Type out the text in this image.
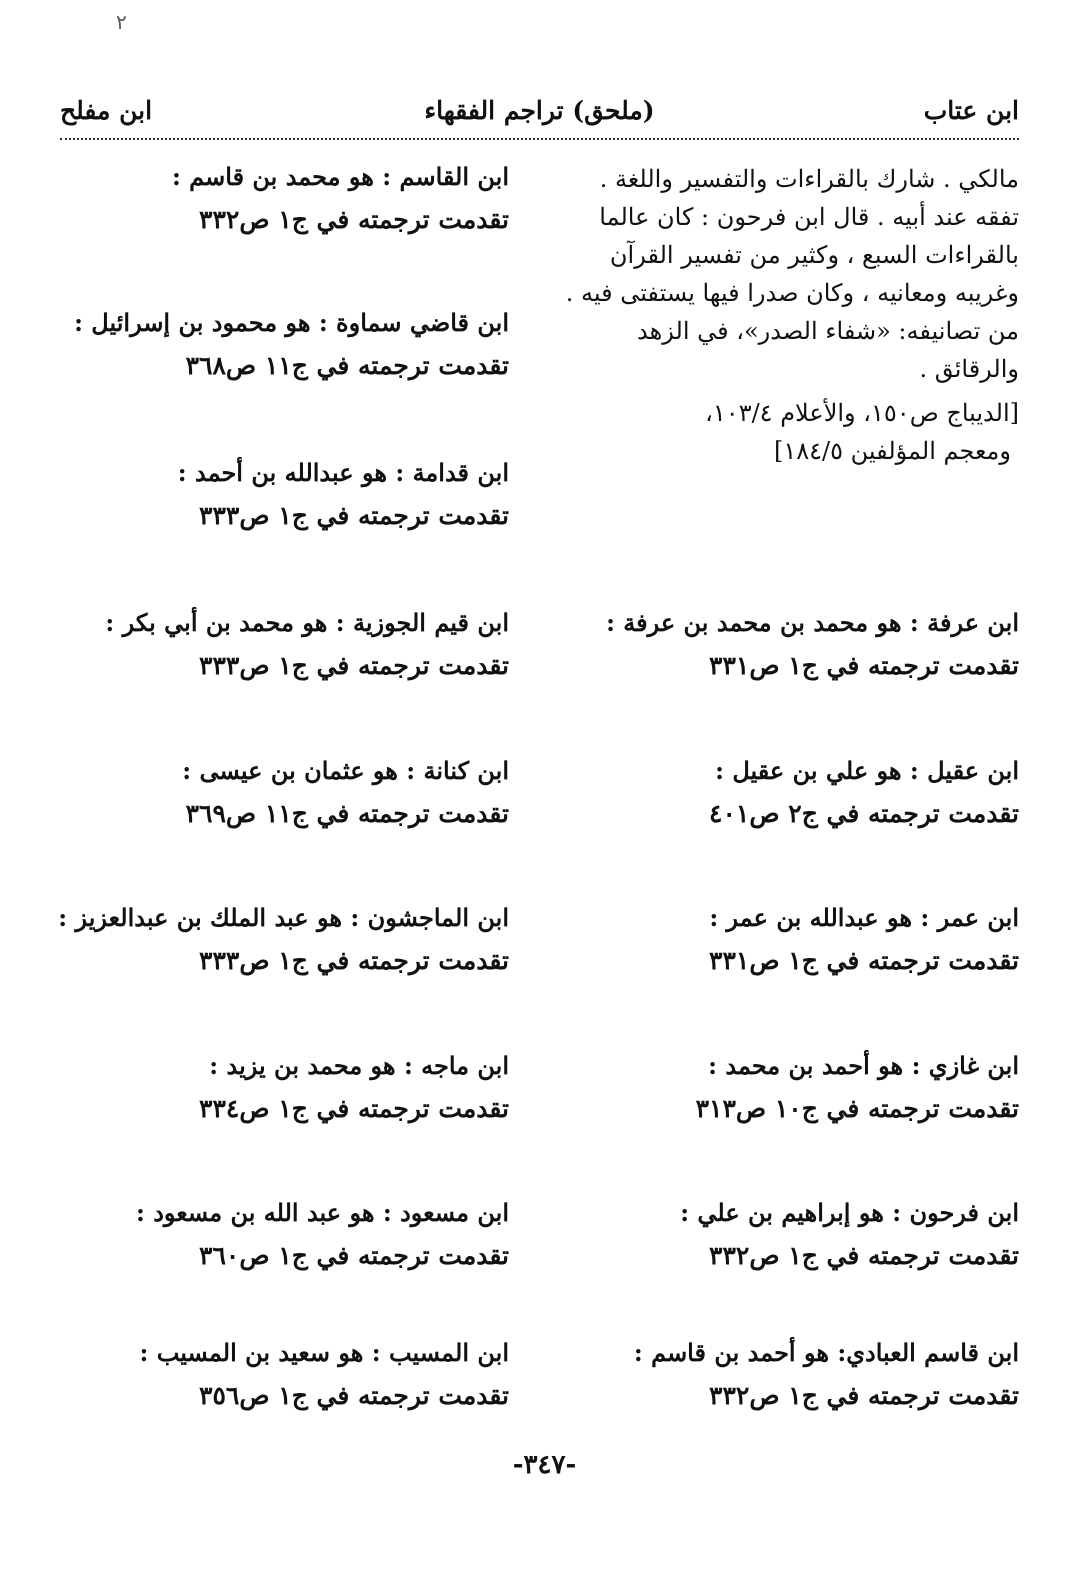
٢
ابن عتاب
(ملحق) تراجم الفقهاء
ابن مفلح

مالكي . شارك بالقراءات والتفسير واللغة .

تفقه عند أبيه . قال ابن فرحون : كان عالما

بالقراءات السبع ، وكثير من تفسير القرآن

وغريبه ومعانيه ، وكان صدرا فيها يستفتى فيه .

من تصانيفه: «شفاء الصدر»، في الزهد

والرقائق .

[الديباج ص١٥٠، والأعلام ١٠٣/٤،

ومعجم المؤلفين ١٨٤/٥]

ابن عرفة : هو محمد بن محمد بن عرفة :
تقدمت ترجمته في ج١ ص٣٣١
ابن عقيل : هو علي بن عقيل :
تقدمت ترجمته في ج٢ ص٤٠١
ابن عمر : هو عبدالله بن عمر :
تقدمت ترجمته في ج١ ص٣٣١
ابن غازي : هو أحمد بن محمد :
تقدمت ترجمته في ج١٠ ص٣١٣
ابن فرحون : هو إبراهيم بن علي :
تقدمت ترجمته في ج١ ص٣٣٢
ابن قاسم العبادي: هو أحمد بن قاسم :
تقدمت ترجمته في ج١ ص٣٣٢
ابن القاسم : هو محمد بن قاسم :
تقدمت ترجمته في ج١ ص٣٣٢
ابن قاضي سماوة : هو محمود بن إسرائيل :
تقدمت ترجمته في ج١١ ص٣٦٨
ابن قدامة : هو عبدالله بن أحمد :
تقدمت ترجمته في ج١ ص٣٣٣
ابن قيم الجوزية : هو محمد بن أبي بكر :
تقدمت ترجمته في ج١ ص٣٣٣
ابن كنانة : هو عثمان بن عيسى :
تقدمت ترجمته في ج١١ ص٣٦٩
ابن الماجشون : هو عبد الملك بن عبدالعزيز :
تقدمت ترجمته في ج١ ص٣٣٣
ابن ماجه : هو محمد بن يزيد :
تقدمت ترجمته في ج١ ص٣٣٤
ابن مسعود : هو عبد الله بن مسعود :
تقدمت ترجمته في ج١ ص٣٦٠
ابن المسيب : هو سعيد بن المسيب :
تقدمت ترجمته في ج١ ص٣٥٦
-٣٤٧-
